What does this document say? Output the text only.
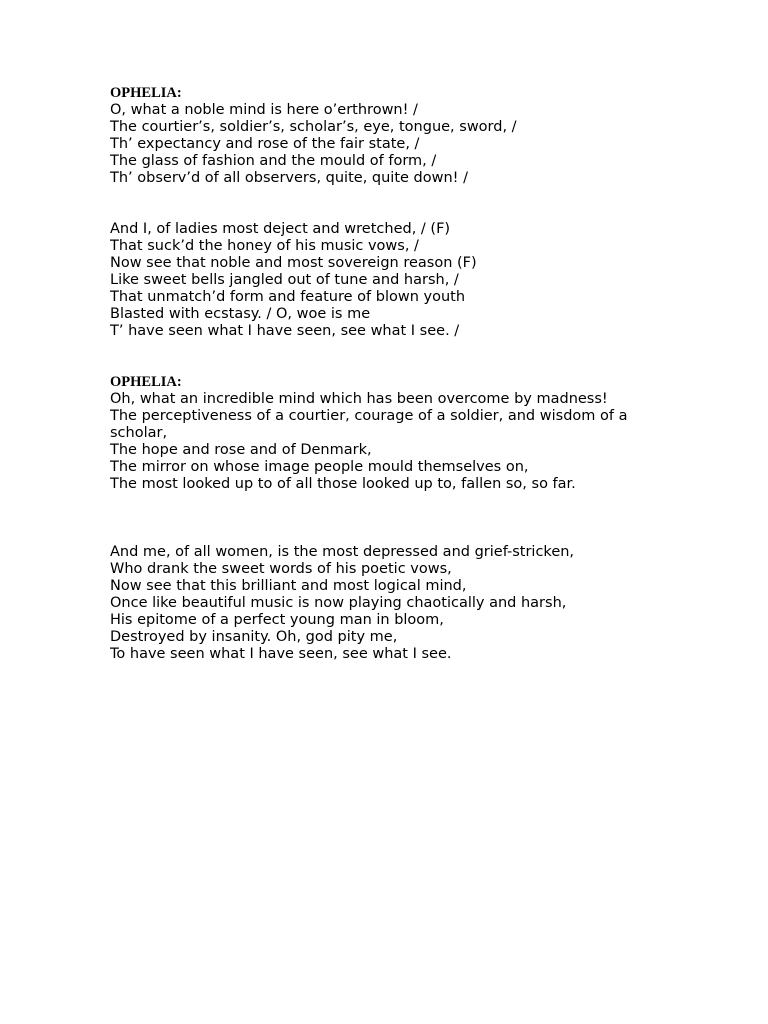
OPHELIA:
O, what a noble mind is here o’erthrown! /
The courtier’s, soldier’s, scholar’s, eye, tongue, sword, /
Th’ expectancy and rose of the fair state, /
The glass of fashion and the mould of form, /
Th’ observ’d of all observers, quite, quite down! /
And I, of ladies most deject and wretched, / (F)
That suck’d the honey of his music vows, /
Now see that noble and most sovereign reason (F)
Like sweet bells jangled out of tune and harsh, /
That unmatch’d form and feature of blown youth
Blasted with ecstasy. / O, woe is me
T’ have seen what I have seen, see what I see. /
OPHELIA:
Oh, what an incredible mind which has been overcome by madness!
The perceptiveness of a courtier, courage of a soldier, and wisdom of a scholar,
The hope and rose and of Denmark,
The mirror on whose image people mould themselves on,
The most looked up to of all those looked up to, fallen so, so far.
And me, of all women, is the most depressed and grief-stricken,
Who drank the sweet words of his poetic vows,
Now see that this brilliant and most logical mind,
Once like beautiful music is now playing chaotically and harsh,
His epitome of a perfect young man in bloom,
Destroyed by insanity. Oh, god pity me,
To have seen what I have seen, see what I see.
